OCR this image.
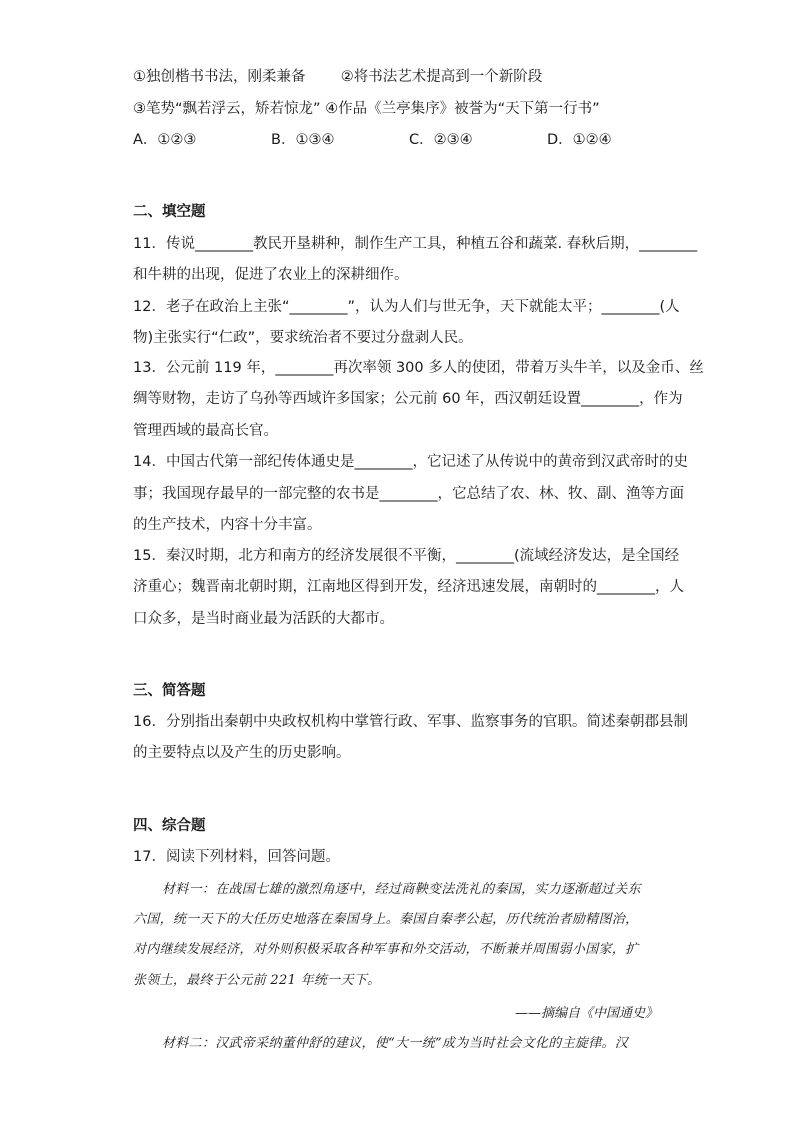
①独创楷书书法，刚柔兼备 ②将书法艺术提高到一个新阶段
③笔势“飘若浮云，矫若惊龙” ④作品《兰亭集序》被誉为“天下第一行书”
A．①②③	B．①③④	C．②③④	D．①②④
二、填空题
11．传说________教民开垦耕种，制作生产工具，种植五谷和蔬菜. 春秋后期，________
和牛耕的出现，促进了农业上的深耕细作。
12．老子在政治上主张“________”，认为人们与世无争，天下就能太平；________(人
物)主张实行“仁政”，要求统治者不要过分盘剥人民。
13．公元前 119 年，________再次率领 300 多人的使团，带着万头牛羊，以及金币、丝
绸等财物，走访了乌孙等西域许多国家；公元前 60 年，西汉朝廷设置________，作为
管理西域的最高长官。
14．中国古代第一部纪传体通史是________，它记述了从传说中的黄帝到汉武帝时的史
事；我国现存最早的一部完整的农书是________，它总结了农、林、牧、副、渔等方面
的生产技术，内容十分丰富。
15．秦汉时期，北方和南方的经济发展很不平衡，________(流域经济发达，是全国经
济重心；魏晋南北朝时期，江南地区得到开发，经济迅速发展，南朝时的________，人
口众多，是当时商业最为活跃的大都市。
三、简答题
16．分别指出秦朝中央政权机构中掌管行政、军事、监察事务的官职。简述秦朝郡县制
的主要特点以及产生的历史影响。
四、综合题
17．阅读下列材料，回答问题。
材料一：在战国七雄的激烈角逐中，经过商鞅变法洗礼的秦国，实力逐渐超过关东
六国，统一天下的大任历史地落在秦国身上。秦国自秦孝公起，历代统治者励精图治，
对内继续发展经济，对外则积极采取各种军事和外交活动，不断兼并周围弱小国家，扩
张领土，最终于公元前 221 年统一天下。
——摘编自《中国通史》
材料二：汉武帝采纳董仲舒的建议，使“大一统”成为当时社会文化的主旋律。汉
